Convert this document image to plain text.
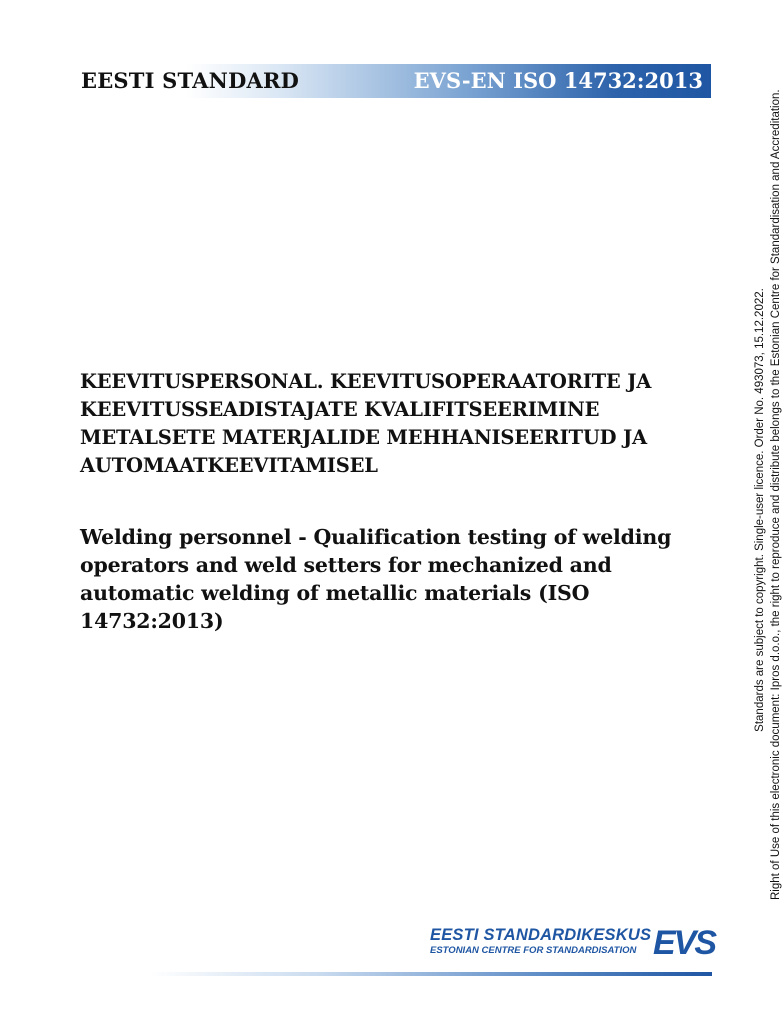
EESTI STANDARD	EVS-EN ISO 14732:2013

KEEVITUSPERSONAL. KEEVITUSOPERAATORITE JA KEEVITUSSEADISTAJATE KVALIFITSEERIMINE METALSETE MATERJALIDE MEHHANISEERITUD JA AUTOMAATKEEVITAMISEL

Welding personnel - Qualification testing of welding operators and weld setters for mechanized and automatic welding of metallic materials (ISO 14732:2013)	Standards are subject to copyright. Single-user licence. Order No. 493073, 15.12.2022. Right of Use of this electronic document: Ipros d.o.o., the right to reproduce and distribute belongs to the Estonian Centre for Standardisation and Accreditation.
EESTI STANDARDIKESKUS
ESTONIAN CENTRE FOR STANDARDISATION EVS
